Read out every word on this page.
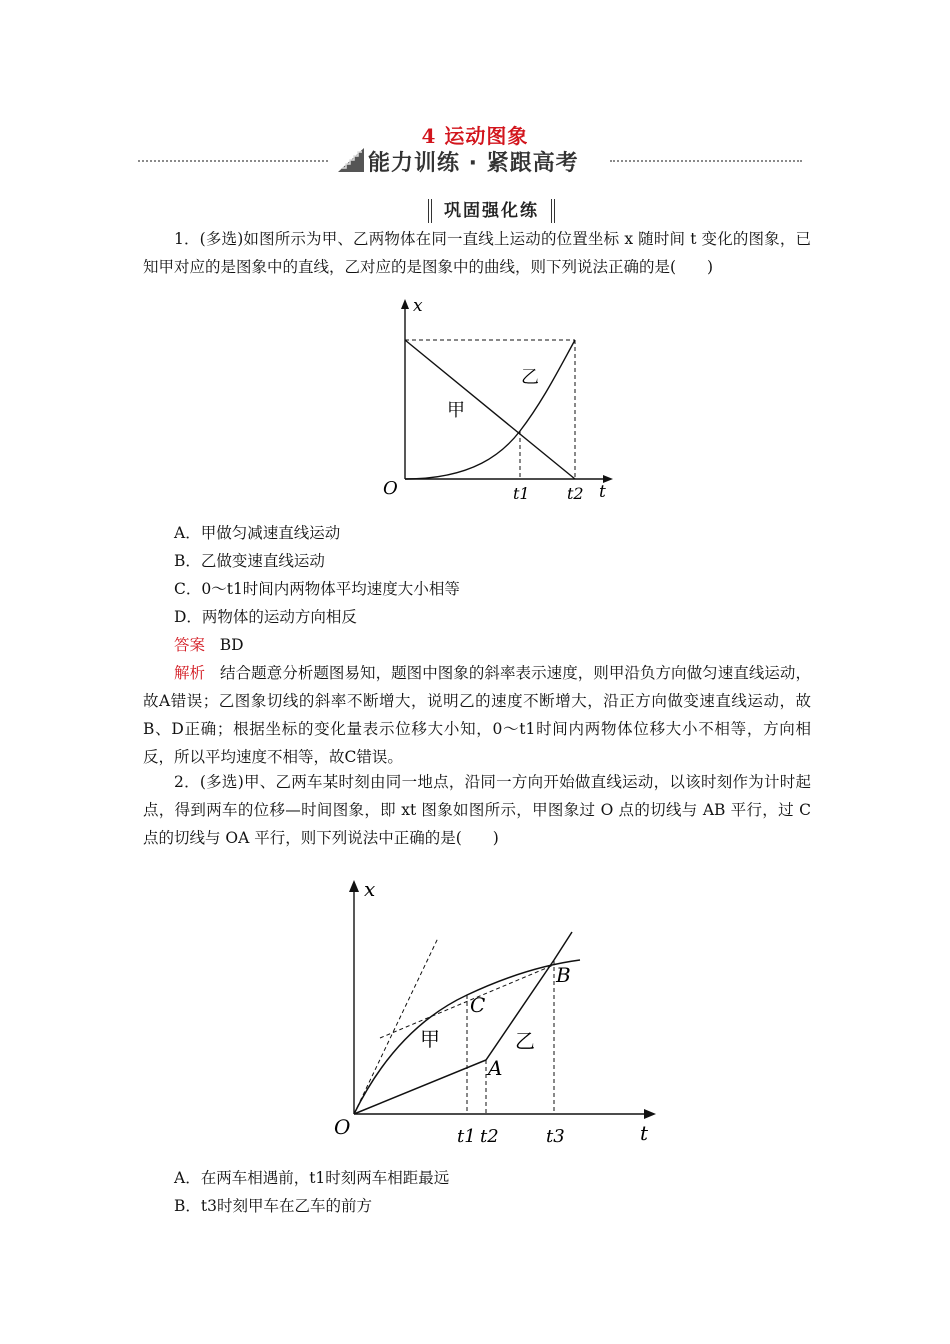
4 运动图象
能力训练 · 紧跟高考
巩固强化练
1．(多选)如图所示为甲、乙两物体在同一直线上运动的位置坐标 x 随时间 t 变化的图象，已知甲对应的是图象中的直线，乙对应的是图象中的曲线，则下列说法正确的是(　　)
x
t
O	t1 t2
甲
乙
A．甲做匀减速直线运动
B．乙做变速直线运动
C．0～t1时间内两物体平均速度大小相等
D．两物体的运动方向相反
答案 BD
解析 结合题意分析题图易知，题图中图象的斜率表示速度，则甲沿负方向做匀速直线运动，故A错误；乙图象切线的斜率不断增大，说明乙的速度不断增大，沿正方向做变速直线运动，故B、D正确；根据坐标的变化量表示位移大小知，0～t1时间内两物体位移大小不相等，方向相反，所以平均速度不相等，故C错误。
2．(多选)甲、乙两车某时刻由同一地点，沿同一方向开始做直线运动，以该时刻作为计时起点，得到两车的位移—时间图象，即 xt 图象如图所示，甲图象过 O 点的切线与 AB 平行，过 C 点的切线与 OA 平行，则下列说法中正确的是(　　)
x
t
O	t1 t2	t3
A
B
C
甲	乙
A．在两车相遇前，t1时刻两车相距最远
B．t3时刻甲车在乙车的前方
